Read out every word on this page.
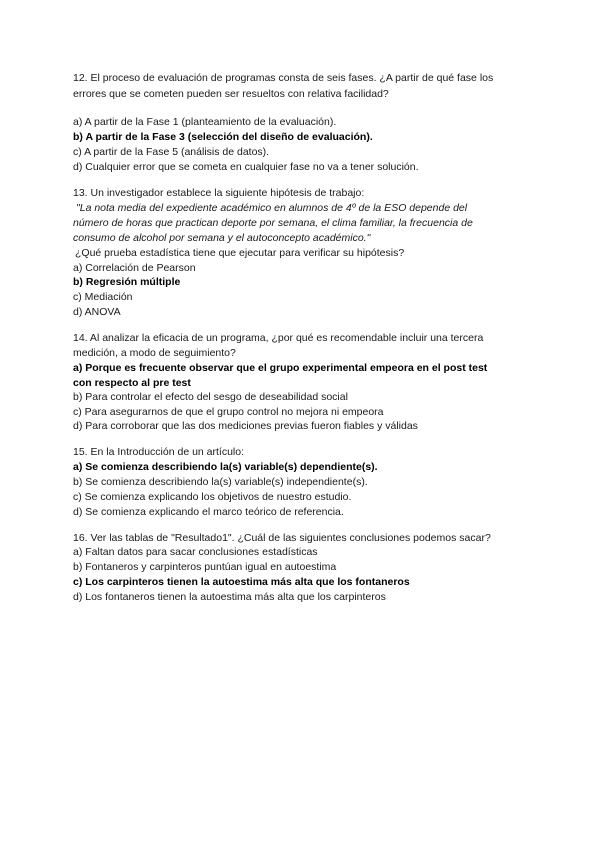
12. El proceso de evaluación de programas consta de seis fases. ¿A partir de qué fase los
errores que se cometen pueden ser resueltos con relativa facilidad?
a) A partir de la Fase 1 (planteamiento de la evaluación).
b) A partir de la Fase 3 (selección del diseño de evaluación).
c) A partir de la Fase 5 (análisis de datos).
d) Cualquier error que se cometa en cualquier fase no va a tener solución.
13. Un investigador establece la siguiente hipótesis de trabajo:
"La nota media del expediente académico en alumnos de 4º de la ESO depende del
número de horas que practican deporte por semana, el clima familiar, la frecuencia de
consumo de alcohol por semana y el autoconcepto académico."
¿Qué prueba estadística tiene que ejecutar para verificar su hipótesis?
a) Correlación de Pearson
b) Regresión múltiple
c) Mediación
d) ANOVA
14. Al analizar la eficacia de un programa, ¿por qué es recomendable incluir una tercera
medición, a modo de seguimiento?
a) Porque es frecuente observar que el grupo experimental empeora en el post test
con respecto al pre test
b) Para controlar el efecto del sesgo de deseabilidad social
c) Para asegurarnos de que el grupo control no mejora ni empeora
d) Para corroborar que las dos mediciones previas fueron fiables y válidas
15. En la Introducción de un artículo:
a) Se comienza describiendo la(s) variable(s) dependiente(s).
b) Se comienza describiendo la(s) variable(s) independiente(s).
c) Se comienza explicando los objetivos de nuestro estudio.
d) Se comienza explicando el marco teórico de referencia.
16. Ver las tablas de "Resultado1". ¿Cuál de las siguientes conclusiones podemos sacar?
a) Faltan datos para sacar conclusiones estadísticas
b) Fontaneros y carpinteros puntúan igual en autoestima
c) Los carpinteros tienen la autoestima más alta que los fontaneros
d) Los fontaneros tienen la autoestima más alta que los carpinteros
